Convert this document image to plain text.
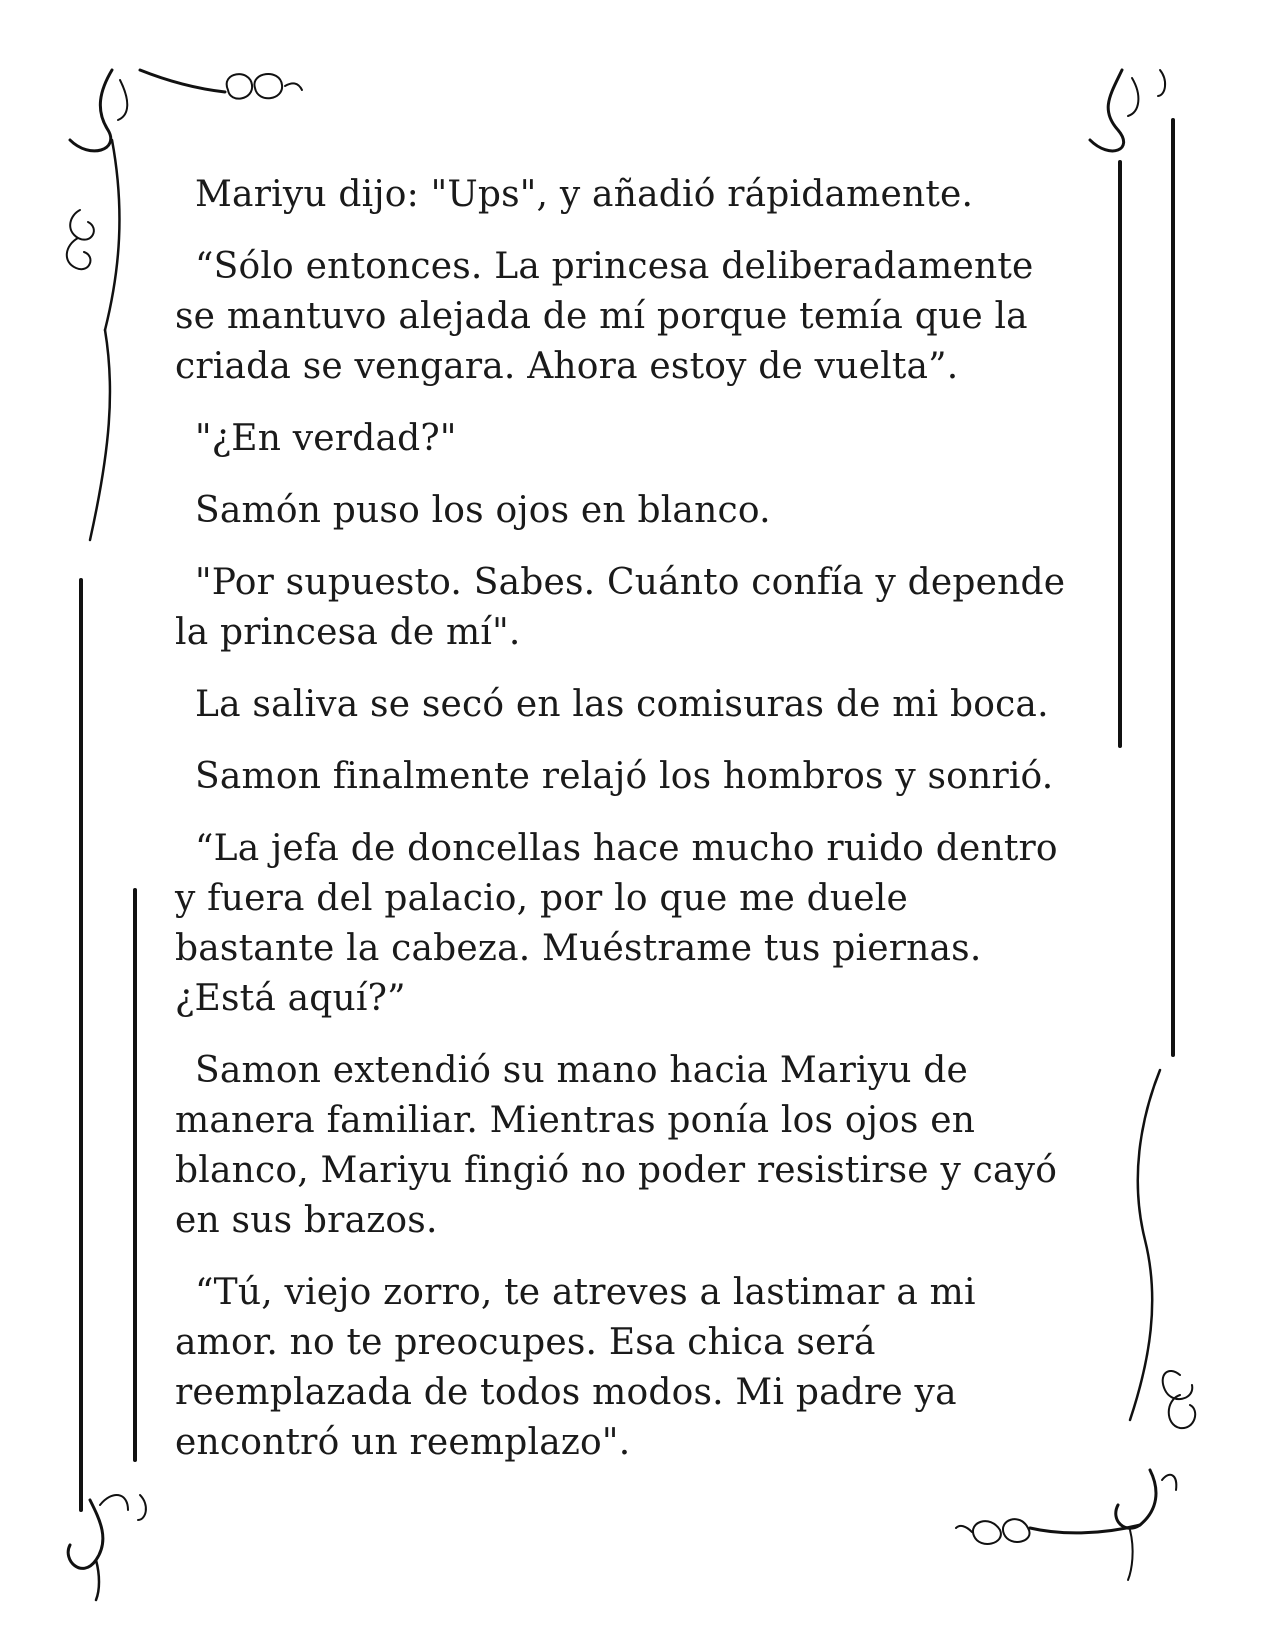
Mariyu dijo: "Ups", y añadió rápidamente.

“Sólo entonces. La princesa deliberadamente
se mantuvo alejada de mí porque temía que la
criada se vengara. Ahora estoy de vuelta”.

"¿En verdad?"

Samón puso los ojos en blanco.

"Por supuesto. Sabes. Cuánto confía y depende
la princesa de mí".

La saliva se secó en las comisuras de mi boca.

Samon finalmente relajó los hombros y sonrió.

“La jefa de doncellas hace mucho ruido dentro
y fuera del palacio, por lo que me duele
bastante la cabeza. Muéstrame tus piernas.
¿Está aquí?”

Samon extendió su mano hacia Mariyu de
manera familiar. Mientras ponía los ojos en
blanco, Mariyu fingió no poder resistirse y cayó
en sus brazos.

“Tú, viejo zorro, te atreves a lastimar a mi
amor. no te preocupes. Esa chica será
reemplazada de todos modos. Mi padre ya
encontró un reemplazo".
